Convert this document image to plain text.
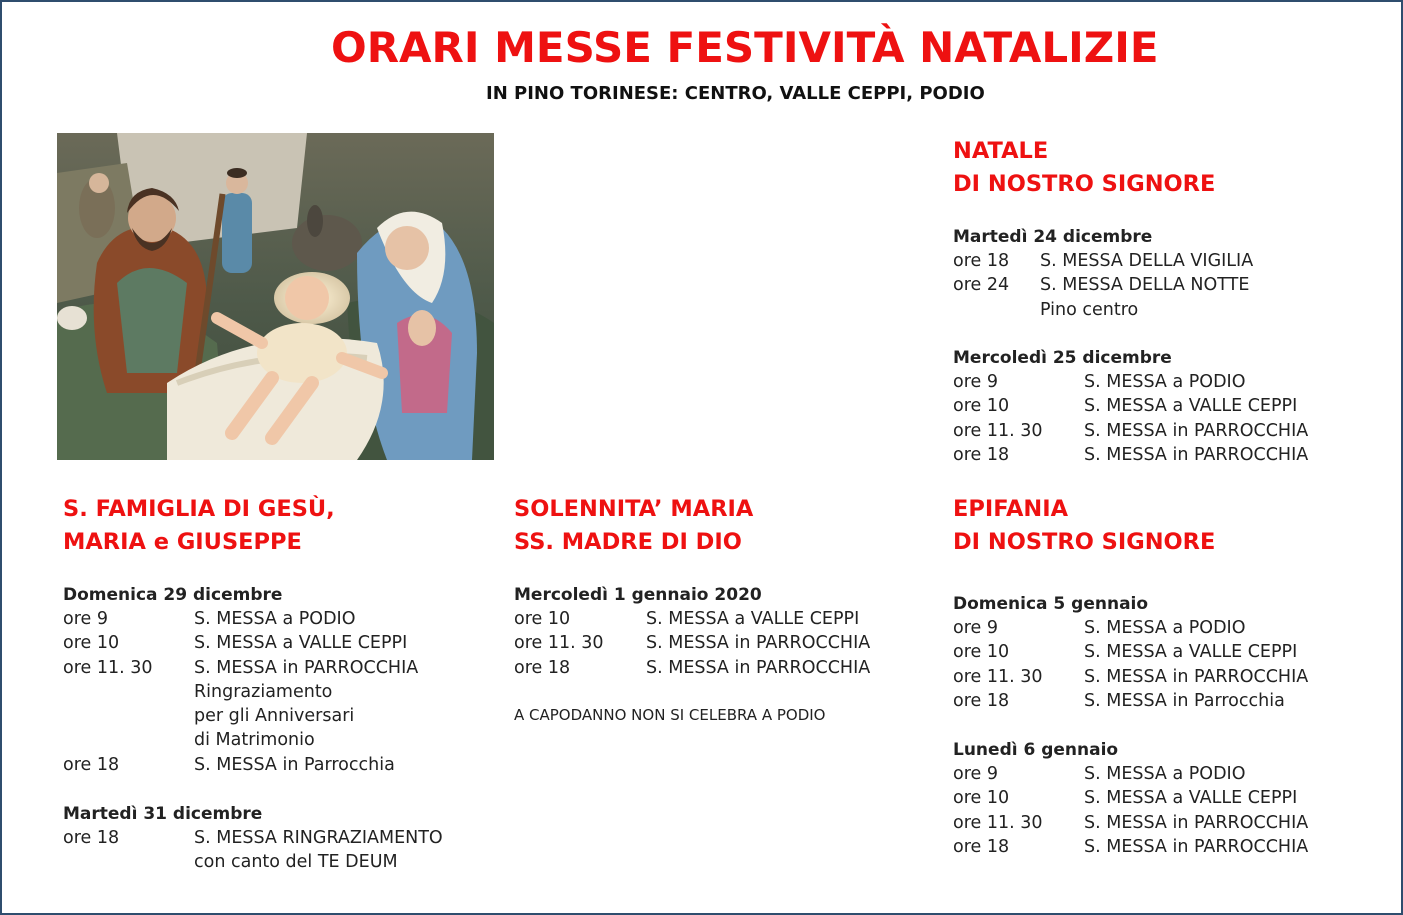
ORARI MESSE FESTIVITÀ NATALIZIE
IN PINO TORINESE: CENTRO, VALLE CEPPI, PODIO
NATALE
DI NOSTRO SIGNORE
Martedì 24 dicembre
ore 18 S. MESSA DELLA VIGILIA
ore 24 S. MESSA DELLA NOTTE
Pino centro
Mercoledì 25 dicembre
ore 9	S. MESSA a PODIO
ore 10	S. MESSA a VALLE CEPPI
ore 11. 30 S. MESSA in PARROCCHIA
ore 18	S. MESSA in PARROCCHIA
S. FAMIGLIA DI GESÙ,
MARIA e GIUSEPPE
Domenica 29 dicembre
ore 9	S. MESSA a PODIO
ore 10	S. MESSA a VALLE CEPPI
ore 11. 30 S. MESSA in PARROCCHIA
Ringraziamento
per gli Anniversari
di Matrimonio
ore 18	S. MESSA in Parrocchia
Martedì 31 dicembre
ore 18	S. MESSA RINGRAZIAMENTO
con canto del TE DEUM
SOLENNITA’ MARIA
SS. MADRE DI DIO
Mercoledì 1 gennaio 2020
ore 10	S. MESSA a VALLE CEPPI
ore 11. 30 S. MESSA in PARROCCHIA
ore 18	S. MESSA in PARROCCHIA
A CAPODANNO NON SI CELEBRA A PODIO
EPIFANIA
DI NOSTRO SIGNORE
Domenica 5 gennaio
ore 9	S. MESSA a PODIO
ore 10	S. MESSA a VALLE CEPPI
ore 11. 30 S. MESSA in PARROCCHIA
ore 18	S. MESSA in Parrocchia
Lunedì 6 gennaio
ore 9	S. MESSA a PODIO
ore 10	S. MESSA a VALLE CEPPI
ore 11. 30 S. MESSA in PARROCCHIA
ore 18	S. MESSA in PARROCCHIA
